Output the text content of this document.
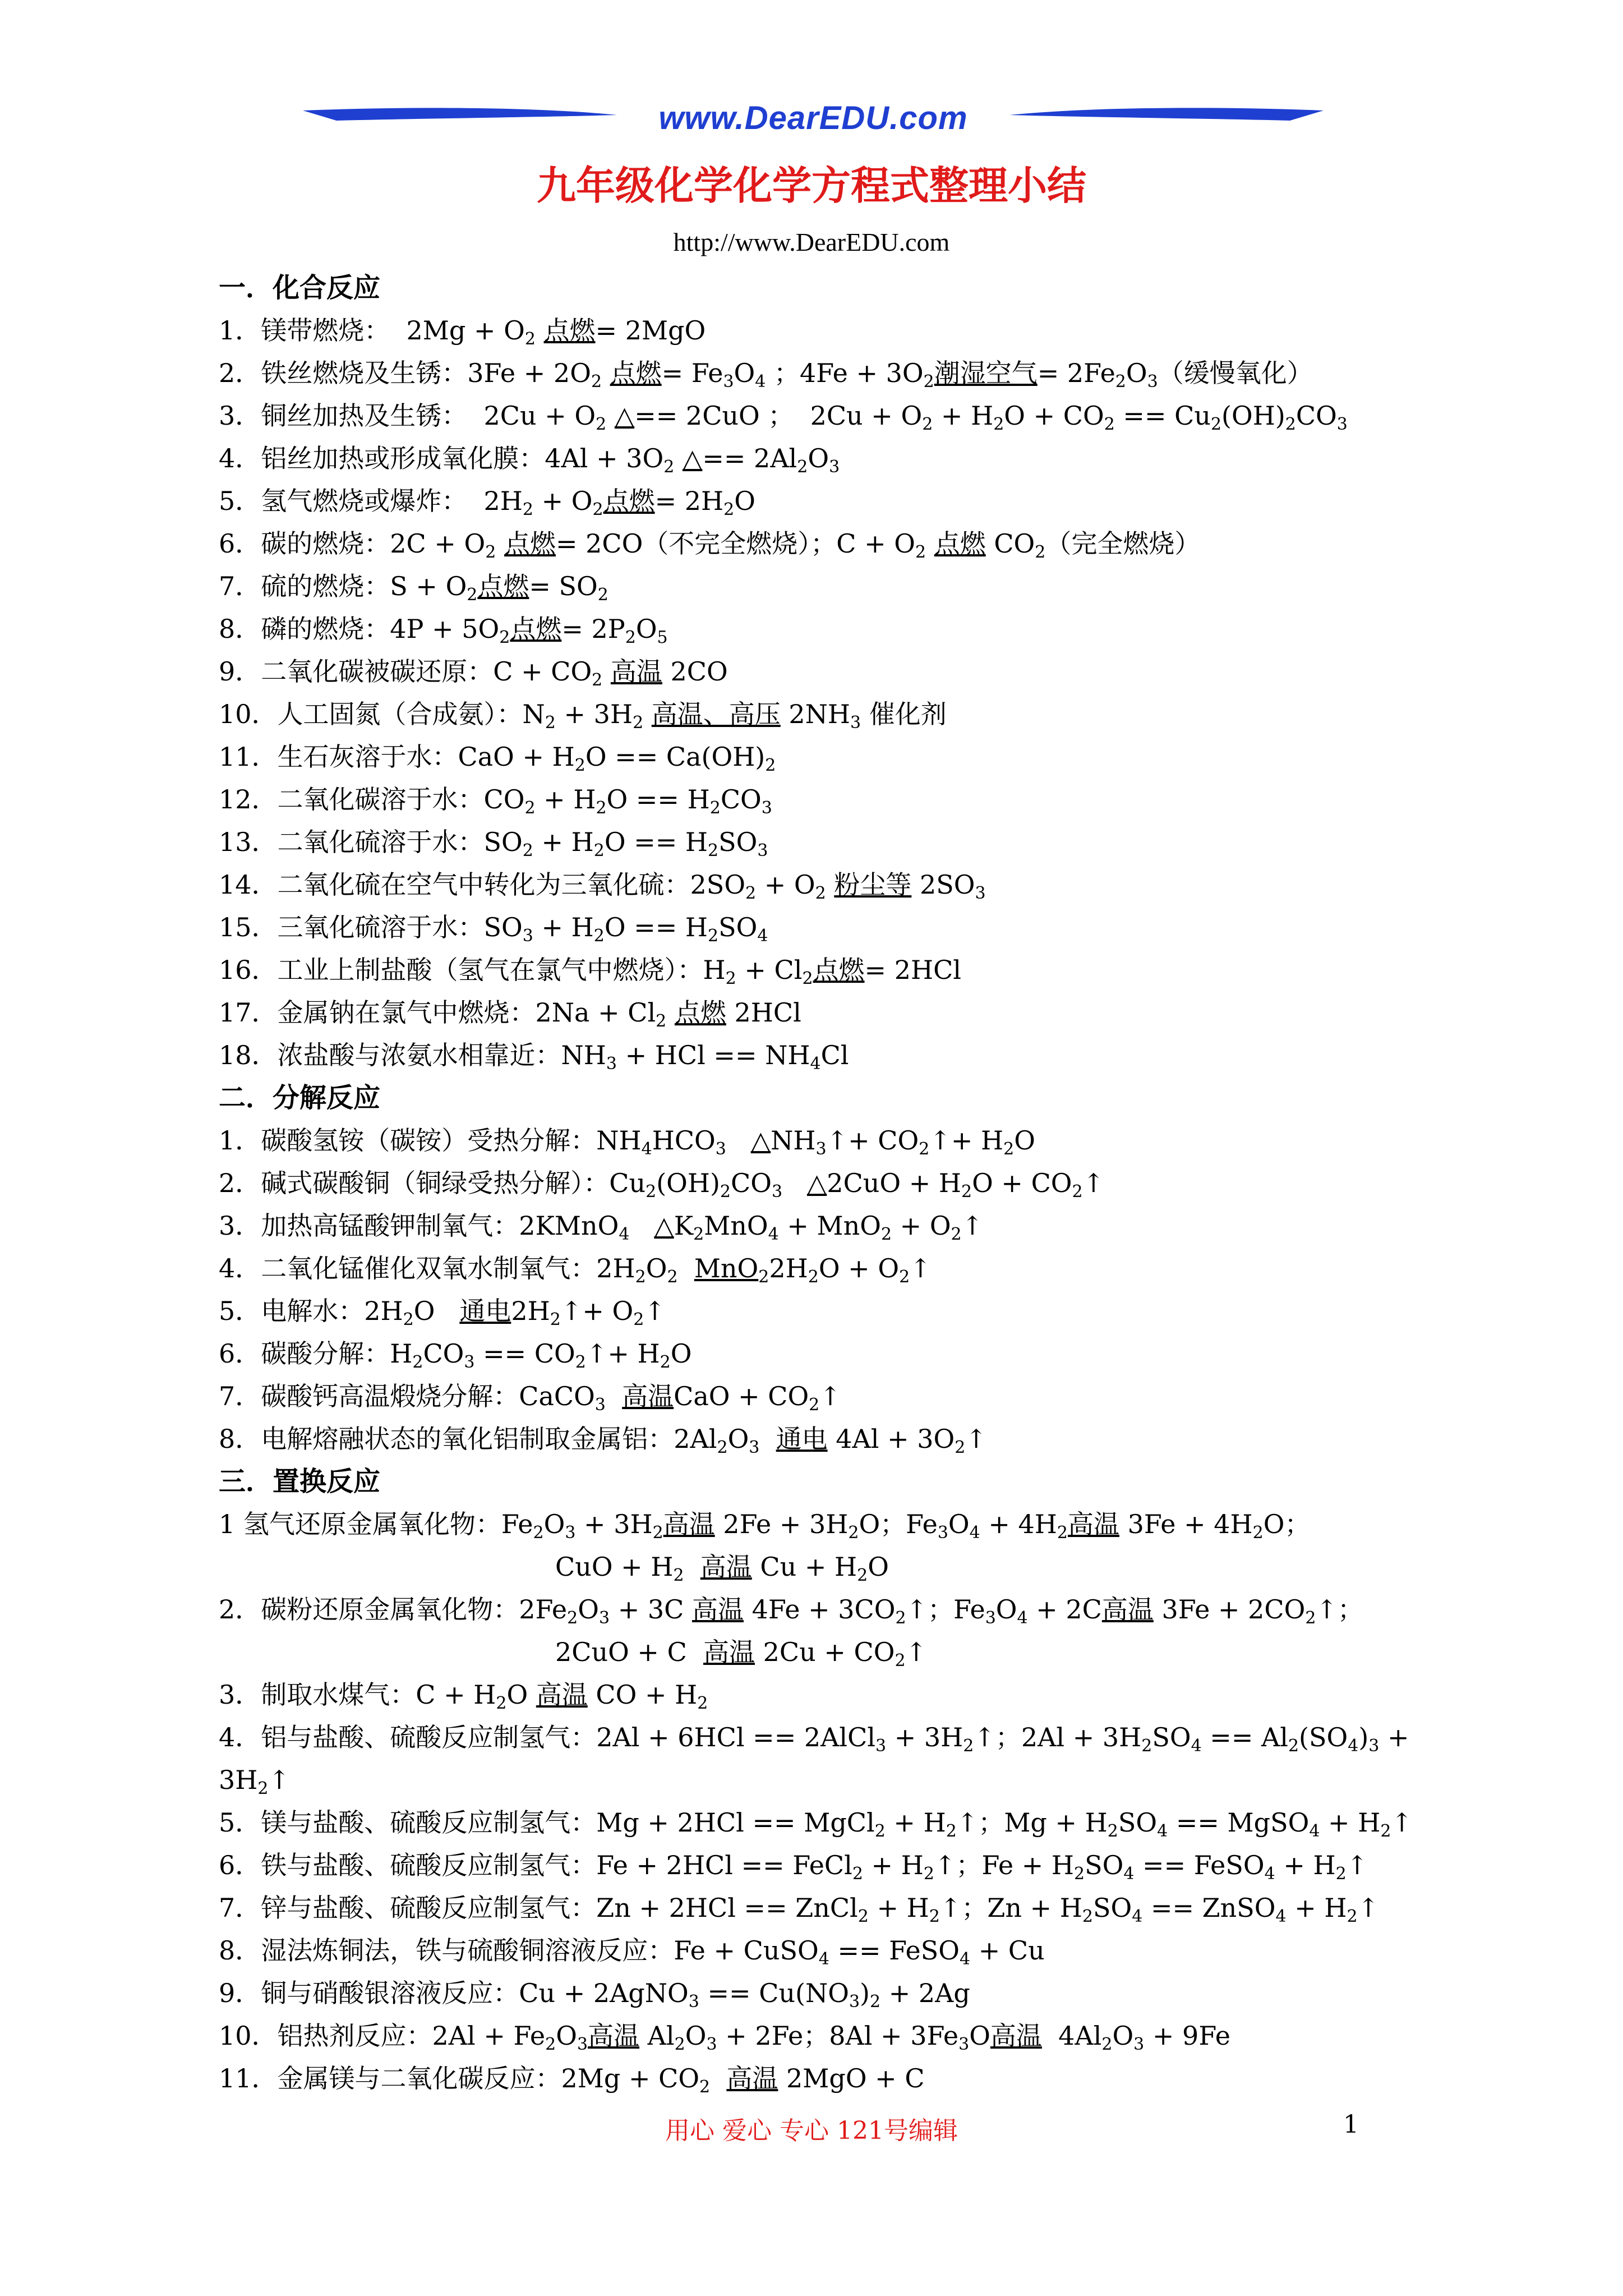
www.DearEDU.com
九年级化学化学方程式整理小结
http://www.DearEDU.com
一．化合反应
1．镁带燃烧：  $2Mg + O_2$ 点燃= 2MgO
2．铁丝燃烧及生锈：$3Fe + 2O_2$ 点燃= $Fe_3O_4$ ；$4Fe + 3O_2$潮湿空气= $2Fe_2O_3$（缓慢氧化）
3．铜丝加热及生锈：  $2Cu + O_2$ △== 2CuO ；  $2Cu + O_2 + H_2O + CO_2 == Cu_2(OH)_2CO_3$
4．铝丝加热或形成氧化膜：$4Al + 3O_2$ △== $2Al_2O_3$
5．氢气燃烧或爆炸：  $2H_2 + O_2$点燃= $2H_2O$
6．碳的燃烧：$2C + O_2$ 点燃= 2CO（不完全燃烧）；$C + O_2$ 点燃 $CO_2$（完全燃烧）
7．硫的燃烧：$S + O_2$点燃= $SO_2$
8．磷的燃烧：$4P + 5O_2$点燃= $2P_2O_5$
9．二氧化碳被碳还原：$C + CO_2$ 高温 2CO
10．人工固氮（合成氨）：$N_2 + 3H_2$ 高温、高压 $2NH_3$ 催化剂
11．生石灰溶于水：CaO + $H_2O == Ca(OH)_2$
12．二氧化碳溶于水：$CO_2 + H_2O == H_2CO_3$
13．二氧化硫溶于水：$SO_2 + H_2O == H_2SO_3$
14．二氧化硫在空气中转化为三氧化硫：$2SO_2 + O_2$ 粉尘等 $2SO_3$
15．三氧化硫溶于水：$SO_3 + H_2O == H_2SO_4$
16．工业上制盐酸（氢气在氯气中燃烧）：$H_2 + Cl_2$点燃= 2HCl
17．金属钠在氯气中燃烧：$2Na + Cl_2$ 点燃 2HCl
18．浓盐酸与浓氨水相靠近：$NH_3$ + HCl == $NH_4Cl$
二．分解反应
1．碳酸氢铵（碳铵）受热分解：$NH_4HCO_3$ $\triangle NH_3↑+$ $CO_2↑+ H_2O$
2．碱式碳酸铜（铜绿受热分解）：$Cu_2(OH)_2CO_3$ △2CuO + $H_2O$ + $CO_2↑$
3．加热高锰酸钾制氧气：2KMnO$_4$ $\triangle K_2MnO_4 + MnO_2$ + $O_2↑$
4．二氧化锰催化双氧水制氧气：$2H_2O_2$ $MnO_22H_2O$ + $O_2↑$
5．电解水：$2H_2O$   通电$2H_2↑+$ $O_2↑$
6．碳酸分解：$H_2CO_3$ == $CO_2↑+ H_2O$
7．碳酸钙高温煅烧分解：CaCO$_3$ 高温CaO + $CO_2↑$
8．电解熔融状态的氧化铝制取金属铝：$2Al_2O_3$ 通电 $4Al + 3O_2↑$
三．置换反应
1 氢气还原金属氧化物：$Fe_2O_3 + 3H_2$高温 $2Fe + 3H_2O$；$Fe_3O_4 + 4H_2$高温 $3Fe + 4H_2O$；
CuO + $H_2$ 高温 $Cu + H_2O$
2．碳粉还原金属氧化物：$2Fe_2O_3 + 3C$ 高温 $4Fe + 3CO_2↑$；$Fe_3O_4 + 2C$高温 $3Fe + 2CO_2↑$；
2CuO + C  高温 $2Cu + CO_2↑$
3．制取水煤气：$C + H_2O$ 高温 CO + $H_2$
4．铝与盐酸、硫酸反应制氢气：2Al + 6HCl == 2AlCl$_3$ + $3H_2↑$；$2Al + 3H_2SO_4 == Al_2(SO_4)_3$ +
$3H_2↑$
5．镁与盐酸、硫酸反应制氢气：Mg + 2HCl == MgCl$_2$ + $H_2↑$；$Mg + H_2SO_4$ == MgSO$_4$ + $H_2↑$
6．铁与盐酸、硫酸反应制氢气：Fe + 2HCl == FeCl$_2$ + $H_2↑$；$Fe + H_2SO_4$ == FeSO$_4$ + $H_2↑$
7．锌与盐酸、硫酸反应制氢气：Zn + 2HCl == ZnCl$_2$ + $H_2↑$；$Zn + H_2SO_4$ == ZnSO$_4$ + $H_2↑$
8．湿法炼铜法，铁与硫酸铜溶液反应：Fe + CuSO$_4$ == FeSO$_4$ + Cu
9．铜与硝酸银溶液反应：Cu + 2AgNO$_3$ == $Cu(NO_3)_2 + 2Ag$
10．铝热剂反应：$2Al + Fe_2O_3$高温 $Al_2O_3 + 2Fe$；$8Al + 3Fe_3O$高温  $4Al_2O_3 + 9Fe$
11．金属镁与二氧化碳反应：$2Mg + CO_2$ 高温 2MgO + C
用心 爱心 专心 121号编辑	1
